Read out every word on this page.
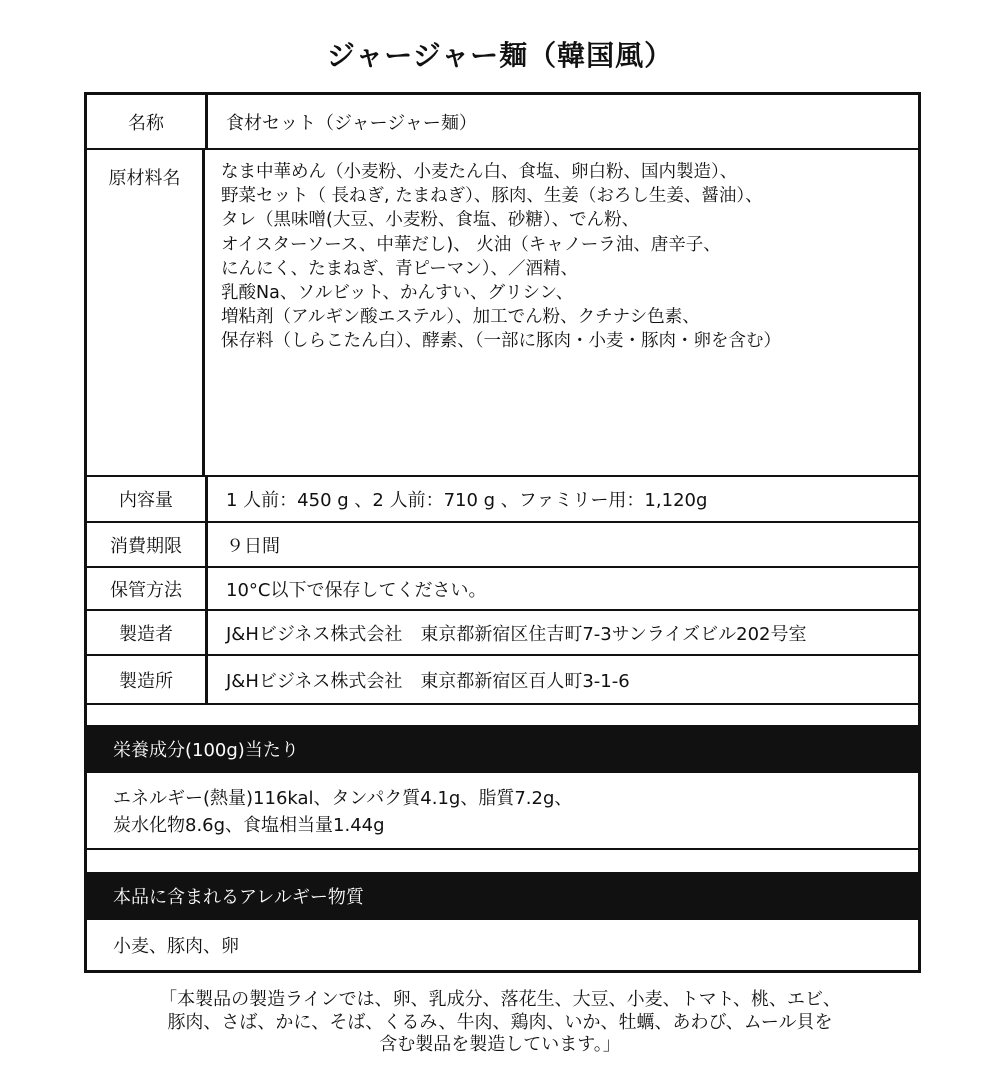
ジャージャー麺（韓国風）
名称	食材セット（ジャージャー麺）
原材料名	なま中華めん（小麦粉、小麦たん白、食塩、卵白粉、国内製造）、
野菜セット（ 長ねぎ, たまねぎ）、豚肉、生姜（おろし生姜、醤油）、
タレ（黒味噌(大豆、小麦粉、食塩、砂糖）、でん粉、
オイスターソース、中華だし)、 火油（キャノーラ油、唐辛子、
にんにく、たまねぎ、青ピーマン）、／酒精、
乳酸Na、ソルビット、かんすい、グリシン、
増粘剤（アルギン酸エステル）、加工でん粉、クチナシ色素、
保存料（しらこたん白）、酵素、（一部に豚肉・小麦・豚肉・卵を含む）
内容量	1 人前：450 g 、2 人前：710 g 、ファミリー用：1,120g
消費期限	９日間
保管方法	10°C以下で保存してください。
製造者	J&Hビジネス株式会社　東京都新宿区住吉町7-3サンライズビル202号室
製造所	J&Hビジネス株式会社　東京都新宿区百人町3-1-6
栄養成分(100g)当たり
エネルギー(熱量)116kal、タンパク質4.1g、脂質7.2g、
炭水化物8.6g、食塩相当量1.44g
本品に含まれるアレルギー物質
小麦、豚肉、卵
「本製品の製造ラインでは、卵、乳成分、落花生、大豆、小麦、トマト、桃、エビ、
豚肉、さば、かに、そば、くるみ、牛肉、鶏肉、いか、牡蠣、あわび、ムール貝を
含む製品を製造しています。」
